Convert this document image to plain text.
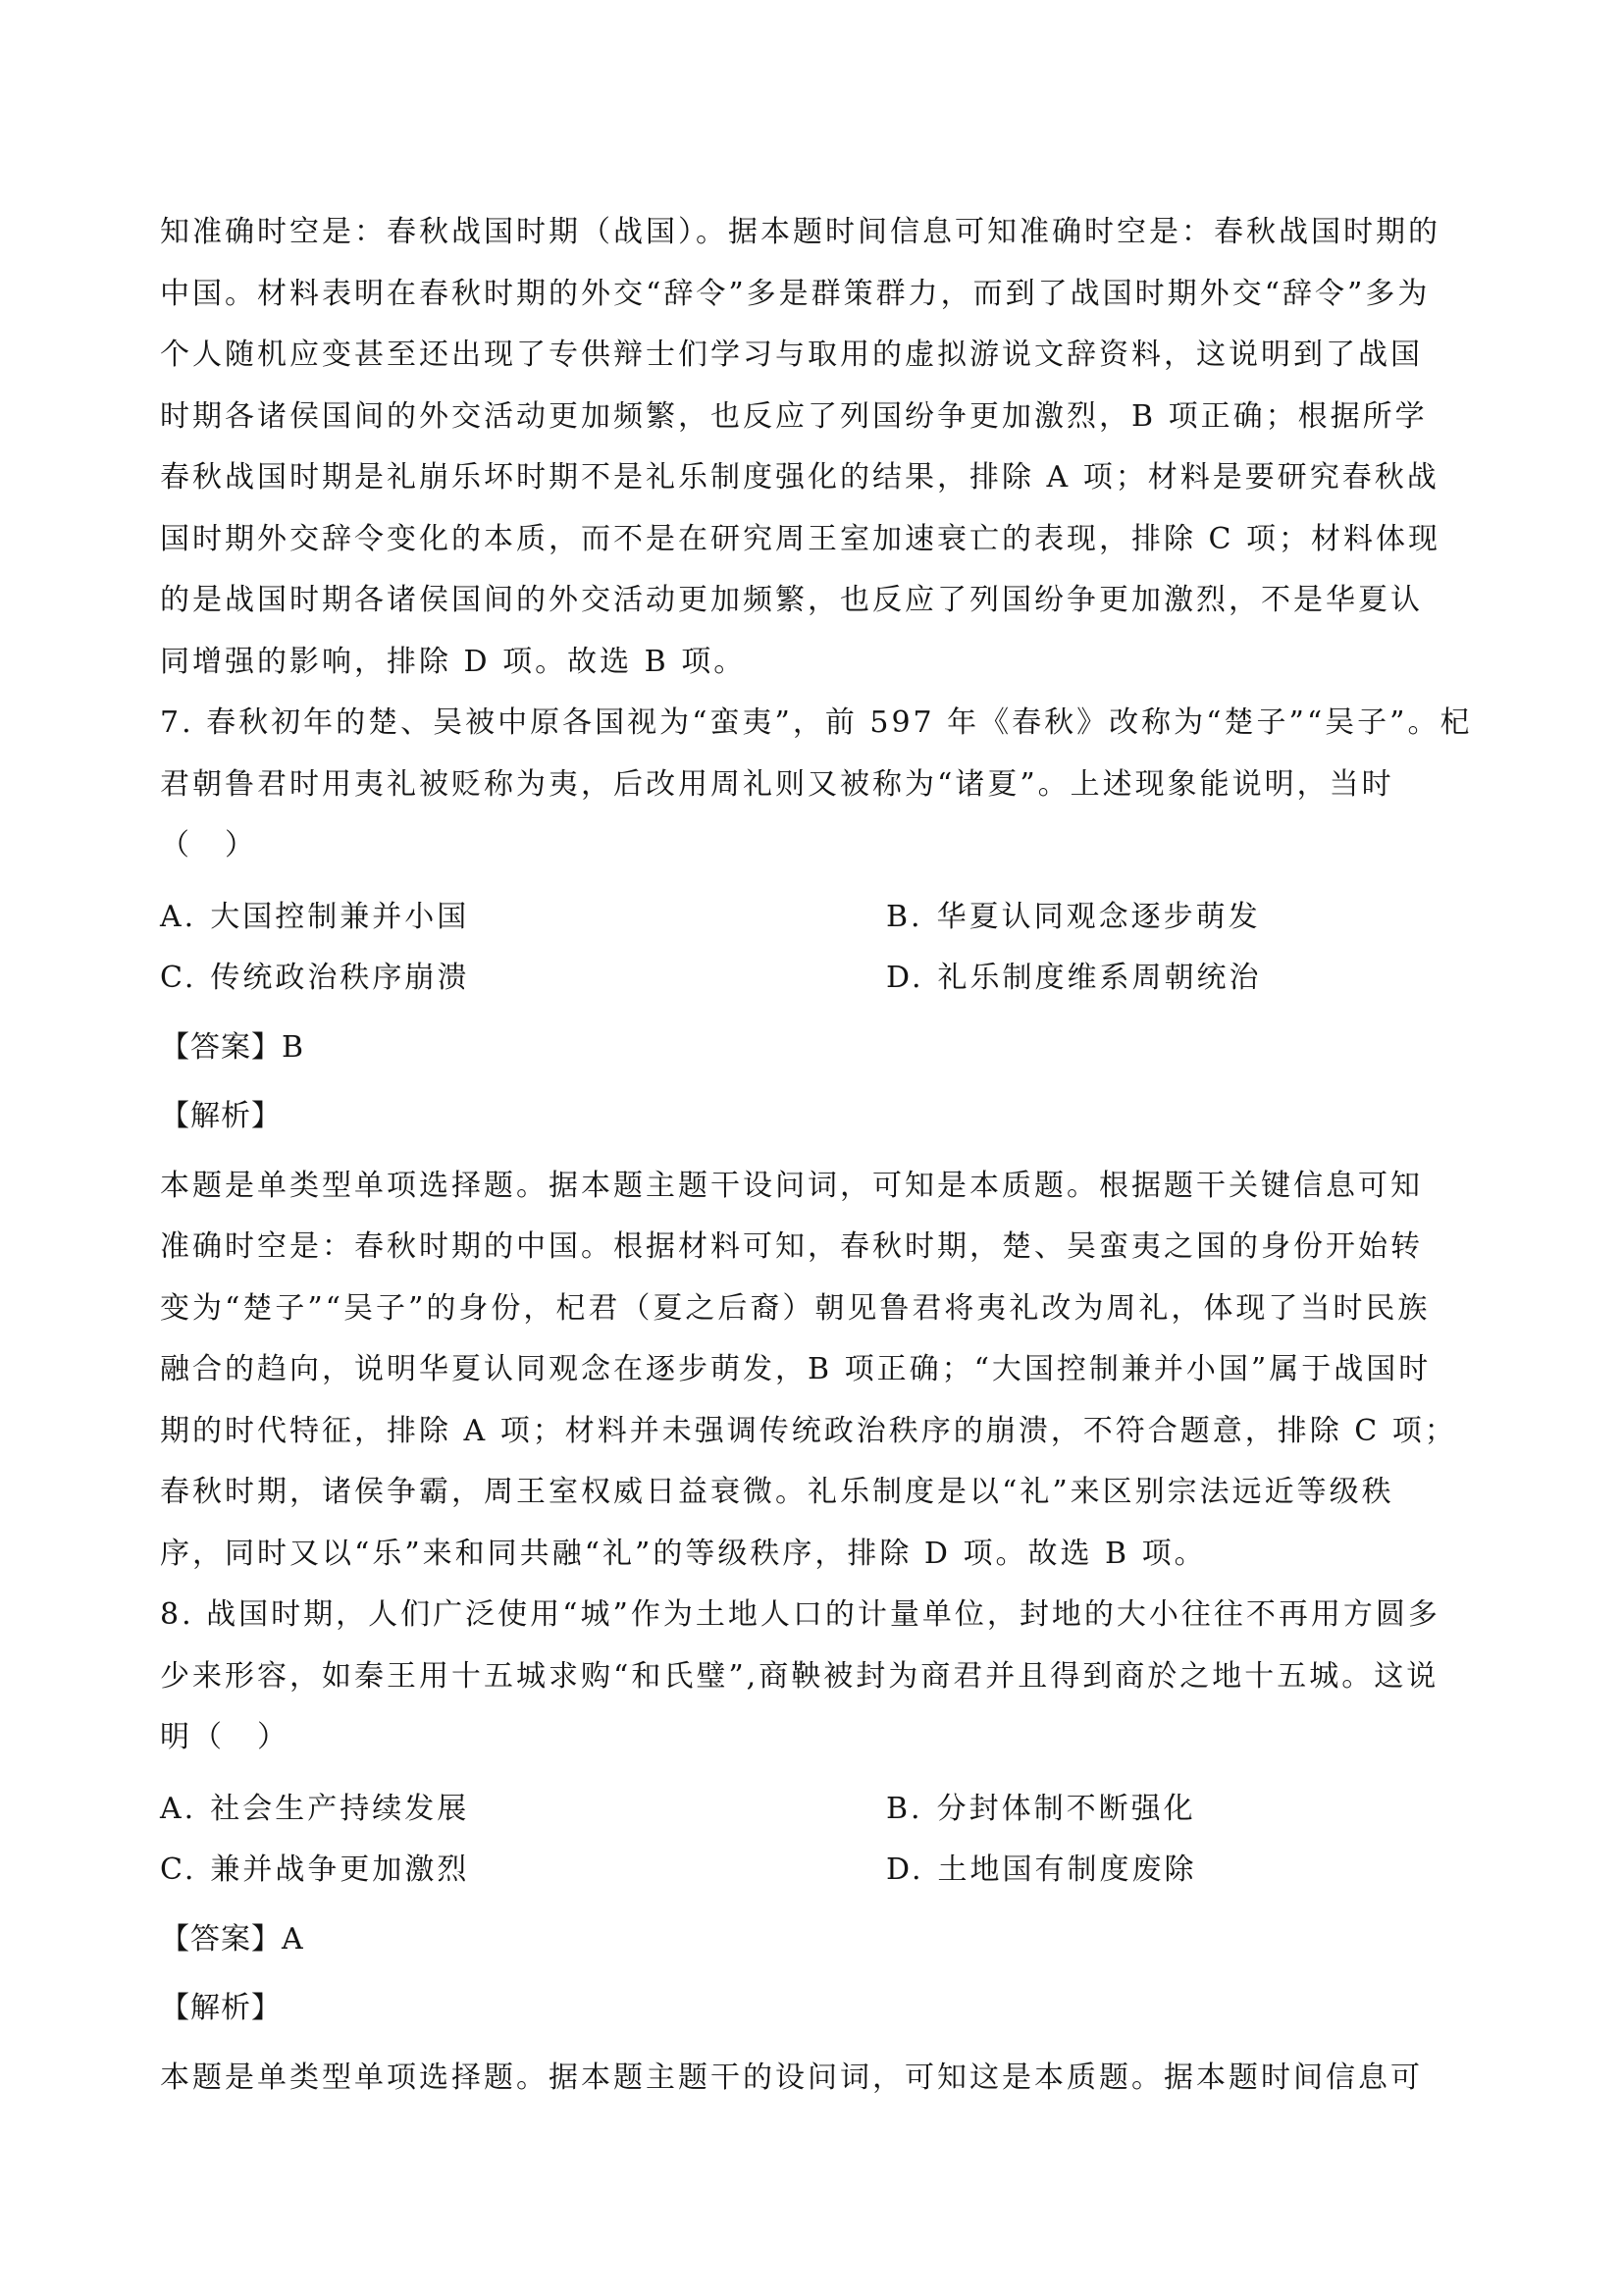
知准确时空是：春秋战国时期（战国）。据本题时间信息可知准确时空是：春秋战国时期的
中国。材料表明在春秋时期的外交“辞令”多是群策群力，而到了战国时期外交“辞令”多为
个人随机应变甚至还出现了专供辩士们学习与取用的虚拟游说文辞资料，这说明到了战国
时期各诸侯国间的外交活动更加频繁，也反应了列国纷争更加激烈，B 项正确；根据所学
春秋战国时期是礼崩乐坏时期不是礼乐制度强化的结果，排除 A 项；材料是要研究春秋战
国时期外交辞令变化的本质，而不是在研究周王室加速衰亡的表现，排除 C 项；材料体现
的是战国时期各诸侯国间的外交活动更加频繁，也反应了列国纷争更加激烈，不是华夏认
同增强的影响，排除 D 项。故选 B 项。
7. 春秋初年的楚、吴被中原各国视为“蛮夷”，前 597 年《春秋》改称为“楚子”“吴子”。杞
君朝鲁君时用夷礼被贬称为夷，后改用周礼则又被称为“诸夏”。上述现象能说明，当时
（　）
A. 大国控制兼并小国	B. 华夏认同观念逐步萌发
C. 传统政治秩序崩溃	D. 礼乐制度维系周朝统治
【答案】B
【解析】
本题是单类型单项选择题。据本题主题干设问词，可知是本质题。根据题干关键信息可知
准确时空是：春秋时期的中国。根据材料可知，春秋时期，楚、吴蛮夷之国的身份开始转
变为“楚子”“吴子”的身份，杞君（夏之后裔）朝见鲁君将夷礼改为周礼，体现了当时民族
融合的趋向，说明华夏认同观念在逐步萌发，B 项正确；“大国控制兼并小国”属于战国时
期的时代特征，排除 A 项；材料并未强调传统政治秩序的崩溃，不符合题意，排除 C 项；
春秋时期，诸侯争霸，周王室权威日益衰微。礼乐制度是以“礼”来区别宗法远近等级秩
序，同时又以“乐”来和同共融“礼”的等级秩序，排除 D 项。故选 B 项。
8. 战国时期，人们广泛使用“城”作为土地人口的计量单位，封地的大小往往不再用方圆多
少来形容，如秦王用十五城求购“和氏璧”,商鞅被封为商君并且得到商於之地十五城。这说
明（　）
A. 社会生产持续发展	B. 分封体制不断强化
C. 兼并战争更加激烈	D. 土地国有制度废除
【答案】A
【解析】
本题是单类型单项选择题。据本题主题干的设问词，可知这是本质题。据本题时间信息可
